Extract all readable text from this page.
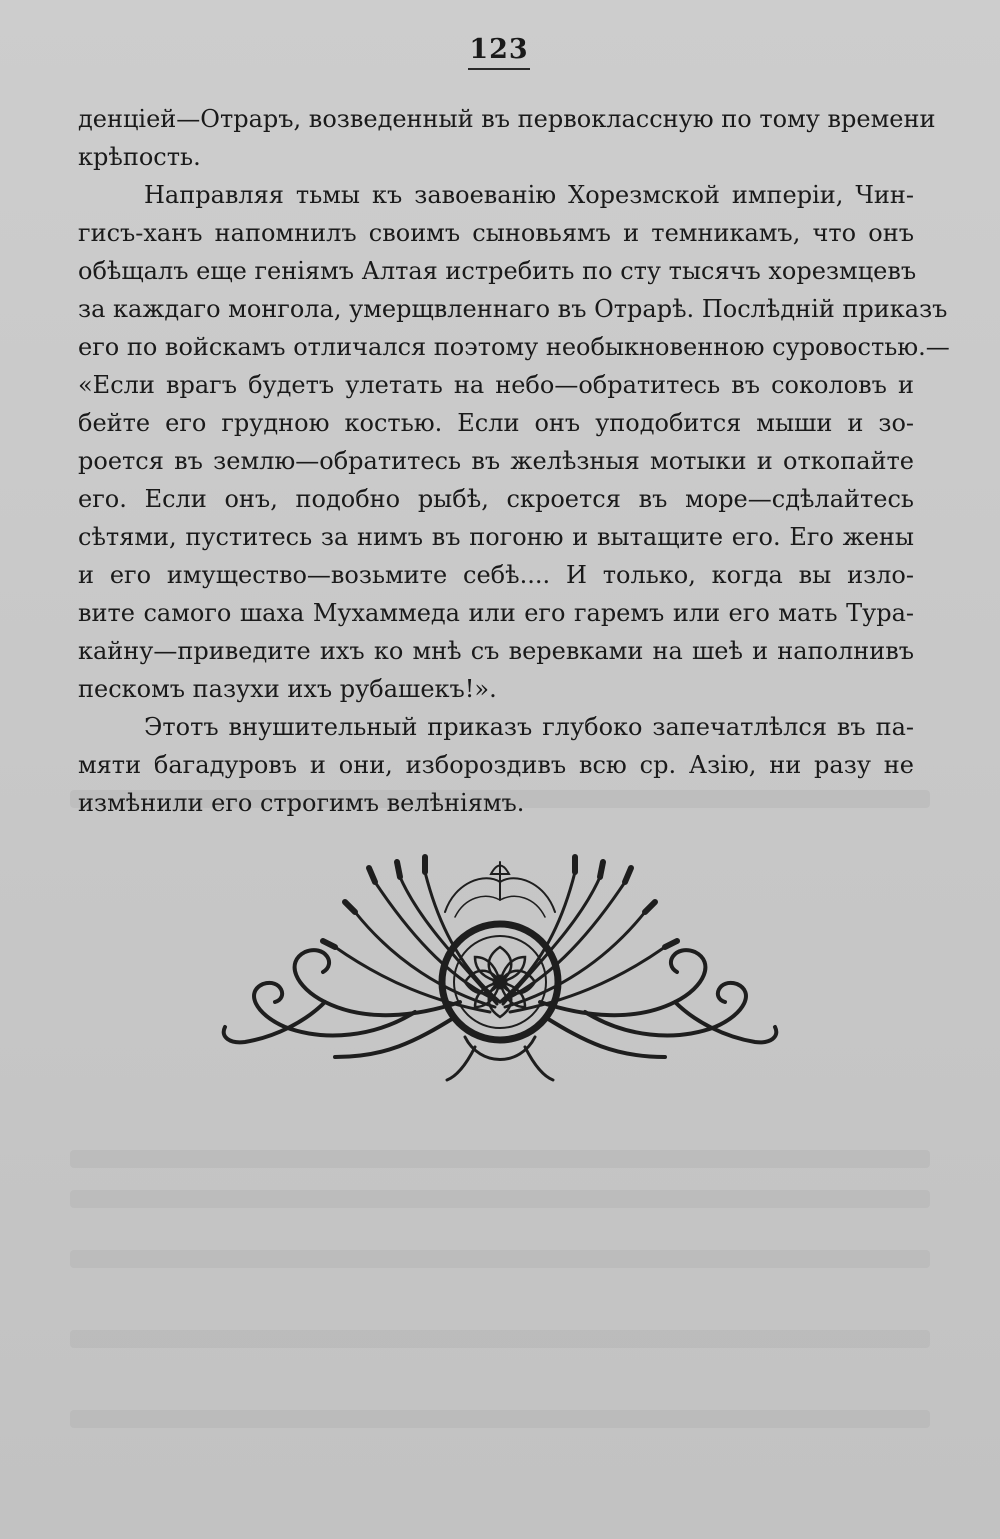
123
денціей—Отраръ, возведенный въ первоклассную по тому времени
крѣпость.
Направляя тьмы къ завоеванію Хорезмской имперіи, Чин-
гисъ-ханъ напомнилъ своимъ сыновьямъ и темникамъ, что онъ
обѣщалъ еще геніямъ Алтая истребить по сту тысячъ хорезмцевъ
за каждаго монгола, умерщвленнаго въ Отрарѣ. Послѣдній приказъ
его по войскамъ отличался поэтому необыкновенною суровостью.—
«Если врагъ будетъ улетать на небо—обратитесь въ соколовъ и
бейте его грудною костью. Если онъ уподобится мыши и зо-
роется въ землю—обратитесь въ желѣзныя мотыки и откопайте
его. Если онъ, подобно рыбѣ, скроется въ море—сдѣлайтесь
сѣтями, пуститесь за нимъ въ погоню и вытащите его. Его жены
и его имущество—возьмите себѣ.... И только, когда вы изло-
вите самого шаха Мухаммеда или его гаремъ или его мать Тура-
кайну—приведите ихъ ко мнѣ съ веревками на шеѣ и наполнивъ
пескомъ пазухи ихъ рубашекъ!».
Этотъ внушительный приказъ глубоко запечатлѣлся въ па-
мяти багадуровъ и они, избороздивъ всю ср. Азію, ни разу не
измѣнили его строгимъ велѣніямъ.
